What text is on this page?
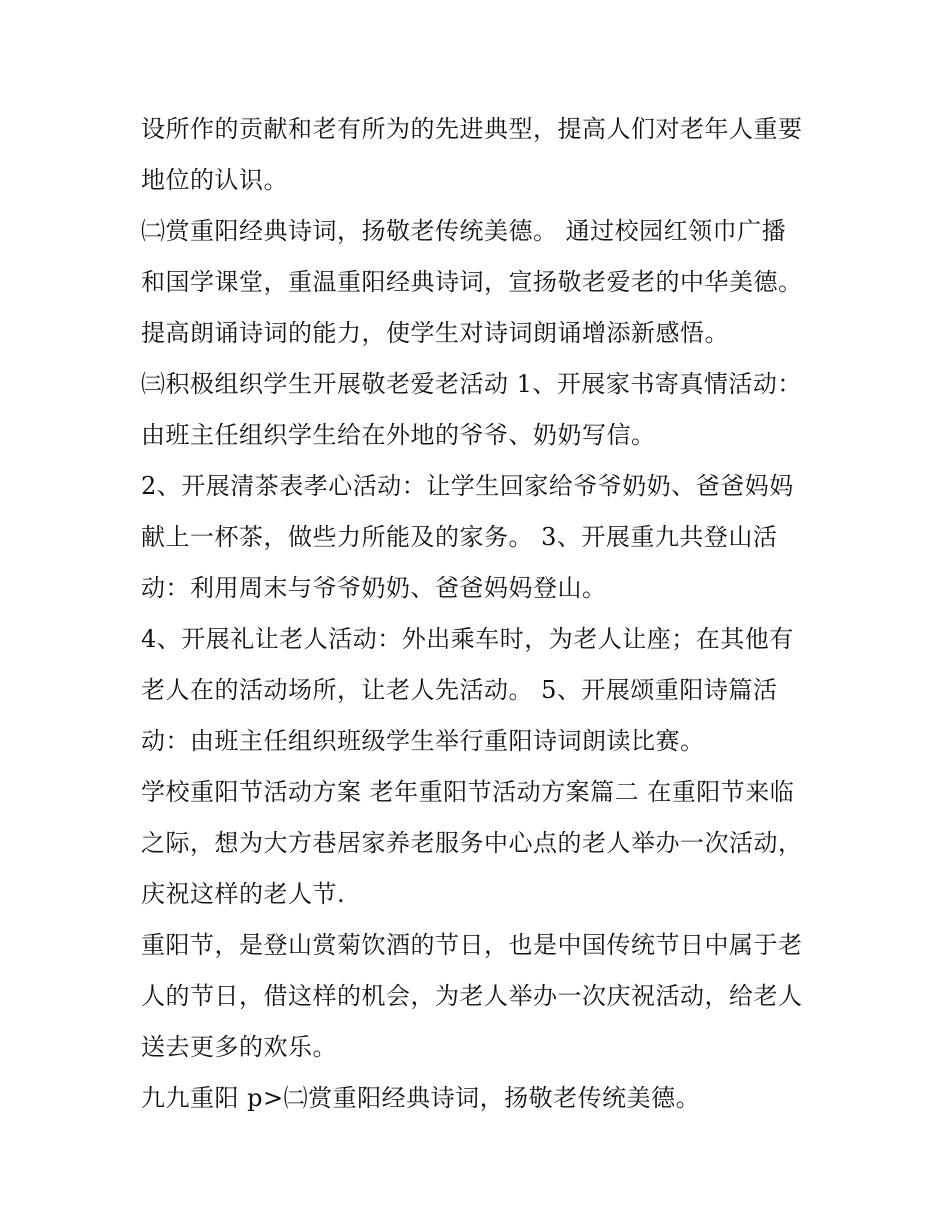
设所作的贡献和老有所为的先进典型，提高人们对老年人重要
地位的认识。
㈡赏重阳经典诗词，扬敬老传统美德。 通过校园红领巾广播
和国学课堂，重温重阳经典诗词，宣扬敬老爱老的中华美德。
提高朗诵诗词的能力，使学生对诗词朗诵增添新感悟。
㈢积极组织学生开展敬老爱老活动 1、开展家书寄真情活动：
由班主任组织学生给在外地的爷爷、奶奶写信。
2、开展清茶表孝心活动：让学生回家给爷爷奶奶、爸爸妈妈
献上一杯茶，做些力所能及的家务。 3、开展重九共登山活
动：利用周末与爷爷奶奶、爸爸妈妈登山。
4、开展礼让老人活动：外出乘车时，为老人让座；在其他有
老人在的活动场所，让老人先活动。 5、开展颂重阳诗篇活
动：由班主任组织班级学生举行重阳诗词朗读比赛。
学校重阳节活动方案 老年重阳节活动方案篇二 在重阳节来临
之际，想为大方巷居家养老服务中心点的老人举办一次活动，
庆祝这样的老人节.
重阳节，是登山赏菊饮酒的节日，也是中国传统节日中属于老
人的节日，借这样的机会，为老人举办一次庆祝活动，给老人
送去更多的欢乐。
九九重阳 p>㈡赏重阳经典诗词，扬敬老传统美德。
